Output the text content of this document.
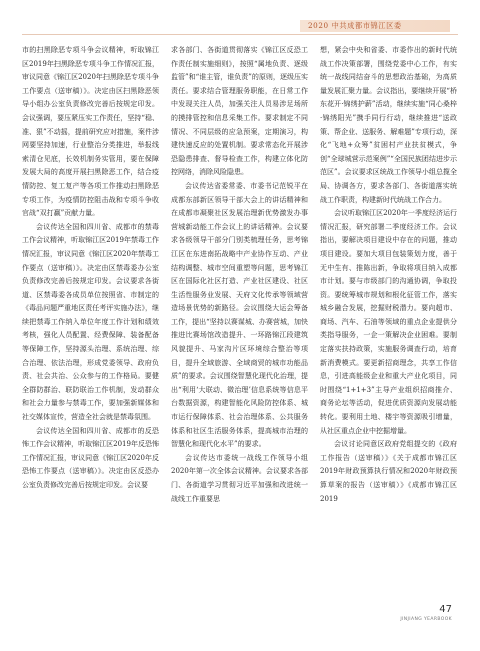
2020 中共成都市锦江区委

市的扫黑除恶专项斗争会议精神，听取锦江区2019年扫黑除恶专项斗争工作情况汇报，审议同意《锦江区2020年扫黑除恶专项斗争工作要点（送审稿）》。决定由区扫黑除恶领导小组办公室负责修改完善后按规定印发。会议强调，要压紧压实工作责任，坚持“稳、准、狠”不动摇，提前研究应对措施，案件涉网要坚持加速，行业整治分类推进，举报线索清仓见底，长效机制务实管用，要在保障发展大局的高度开展扫黑除恶工作，结合疫情防控、复工复产等各项工作推动扫黑除恶专项工作，为疫情防控阻击战和专项斗争收官战“双打赢”贡献力量。

会议传达全国和四川省、成都市的禁毒工作会议精神，听取锦江区2019年禁毒工作情况汇报，审议同意《锦江区2020年禁毒工作要点（送审稿）》。决定由区禁毒委办公室负责修改完善后按规定印发。会议要求各街道、区禁毒委各成员单位按照省、市制定的《毒品问题严重地区责任考评实施办法》，继续把禁毒工作纳入单位年度工作计划和绩效考核，强化人员配置、经费保障、装备配备等保障工作，坚持源头治理、系统治理、综合治理、依法治理，形成党委领导、政府负责、社会共治、公众参与的工作格局。要健全群防群治、联防联治工作机制，发动群众和社会力量参与禁毒工作，要加强新媒体和社交媒体宣传，营造全社会就是禁毒氛围。

会议传达全国和四川省、成都市的反恐怖工作会议精神，听取锦江区2019年反恐怖工作情况汇报，审议同意《锦江区2020年反恐怖工作要点（送审稿）》。决定由区反恐办公室负责修改完善后按规定印发。会议要

求各部门、各街道贯彻落实《锦江区反恐工作责任制实施细则》，按照“属地负责、逐级监管”和“谁主管，谁负责”的原则，逐级压实责任。要求结合管理服务职能，在日常工作中发现关注人员，加强关注人员易涉足场所的摸排管控和信息采集工作。要求制定不同情况、不同层级的应急预案，定期演习，构建快速反应的处置机制。要求常态化开展涉恐隐患排查、督导检查工作，构建立体化防控网络，消除风险隐患。

会议传达省委常委、市委书记范锐平在成都东部新区领导干部大会上的讲话精神和在成都市凝聚社区发展治理新优势激发办事营城新动能工作会议上的讲话精神。会议要求各级领导干部分门别类梳理任务，思考锦江区在东进南拓战略中产业协作互动、产业结构调整、城市空间重塑等问题，思考锦江区在国际化社区打造、产业社区建设、社区生活性服务业发展、天府文化传承等领域营造场景优势的新路径。会议围绕大运会筹备工作，提出“坚持以赛谋城、办赛营城，加快推进比赛场馆改造提升、一环路锦江段建筑风貌提升、马家沟片区环境综合整治等项目，提升全域旅游、全域商贸的城市功能品质”的要求。会议围绕智慧化现代化治理，提出“利用‘大联动、微治理’信息系统等信息平台数据资源，构建智能化风险防控体系、城市运行保障体系、社会治理体系、公共服务体系和社区生活服务体系，提高城市治理的智慧化和现代化水平”的要求。

会议传达市委统一战线工作领导小组2020年第一次全体会议精神。会议要求各部门、各街道学习贯彻习近平加强和改进统一战线工作重要思

想，紧会中央和省委、市委作出的新时代统战工作决策部署，围绕党委中心工作，有实统一战线同结奋斗的思想政治基础，为高质量发展汇聚力量。会议指出，要继续开展“桥东花开·锦绣护薪”活动，继续实施“同心桑梓·锦绣阳光”携手同行行动，继续推进“送政策、帮企业、送服务、解难题”专项行动，深化“飞地+众筹”贫困村产业扶贫模式，争创“全球城营示范案例”“全国民族团结进步示范区”。会议要求区统战工作领导小组总揽全局、协调各方，要求各部门、各街道落实统战工作职责，构建新时代统战工作合力。

会议听取锦江区2020年一季度经济运行情况汇报，研究部署二季度经济工作。会议指出，要解决项目建设中存在的问题，推动项目建设。要加大项目包装策划力度，善于无中生有、推陈出新，争取将项目纳入成都市计划。要与市级部门的沟通协调，争取投资。要统筹城市规划和根化征管工作，落实城乡融合发展，挖掘财税潜力。要向超市、商场、汽车、石油等领域的重点企业提供分类指导服务，一企一策解决企业困难。要制定落实扶持政策，实施服务调查行动，培育新消费模式。要更新招商理念，共享工作信息，引进高能级企业和重大产业化项目，同时围绕“1+1+3”主导产业组织招商推介、商务论坛等活动，促进优质资源向发展动能转化。要利用土地、楼宇等资源吸引增量，从社区重点企业中挖掘增量。

会议讨论同意区政府党组提交的《政府工作报告（送审稿）》《关于成都市锦江区2019年财政预算执行情况和2020年财政预算草案的报告（送审稿）》《成都市锦江区2019

47
JINJIANG YEARBOOK
